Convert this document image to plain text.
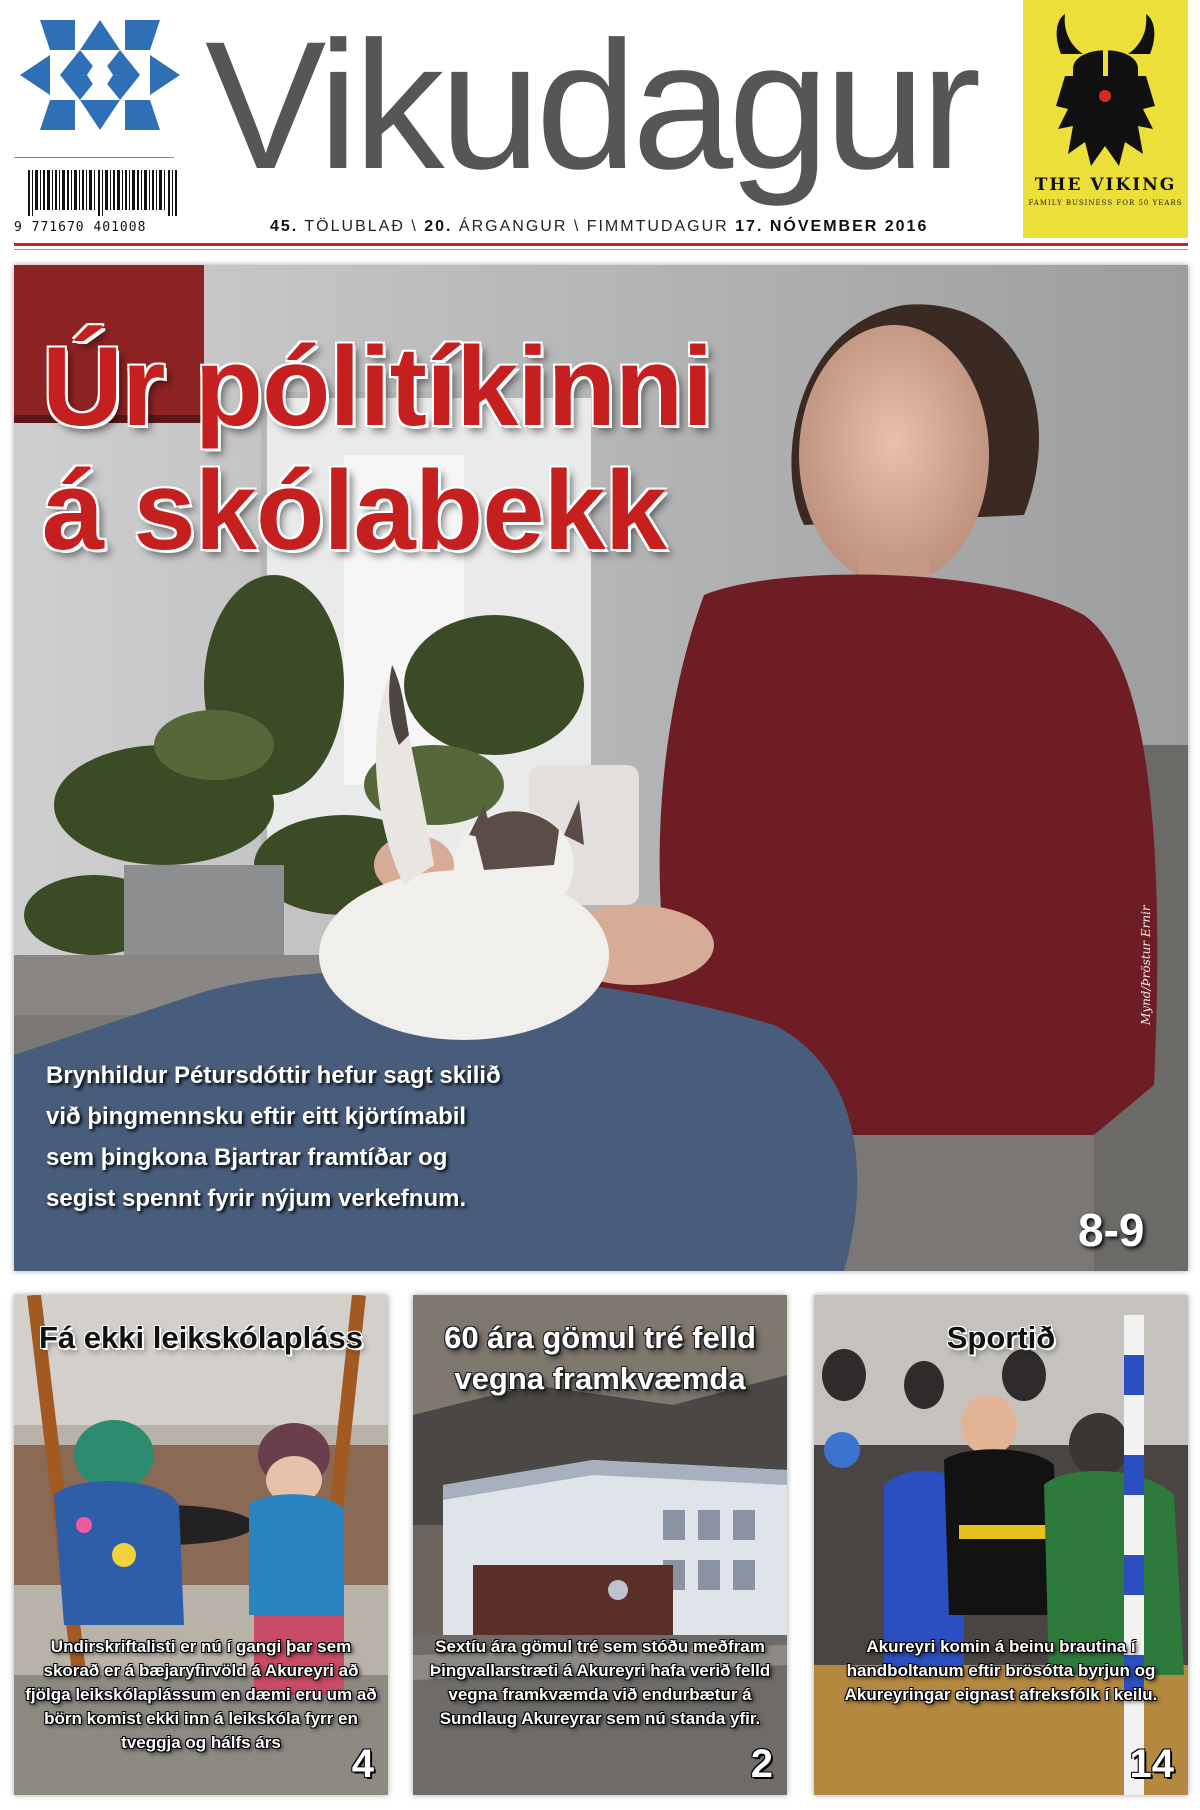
9 771670 401008
Vikudagur
45. TÖLUBLAÐ \ 20. ÁRGANGUR \ FIMMTUDAGUR 17. NÓVEMBER 2016
THE VIKING
FAMILY BUSINESS FOR 50 YEARS
Úr pólitíkinni
á skólabekk
Brynhildur Pétursdóttir hefur sagt skilið við þingmennsku eftir eitt kjörtímabil sem þingkona Bjartrar framtíðar og segist spennt fyrir nýjum verkefnum.
Mynd/Þröstur Ernir
8-9
Fá ekki leikskólapláss
Undirskriftalisti er nú í gangi þar sem skorað er á bæjaryfirvöld á Akureyri að fjölga leikskólaplássum en dæmi eru um að börn komist ekki inn á leikskóla fyrr en tveggja og hálfs árs	4
60 ára gömul tré felld vegna framkvæmda
Sextíu ára gömul tré sem stóðu meðfram Þingvallarstræti á Akureyri hafa verið felld vegna framkvæmda við endurbætur á Sundlaug Akureyrar sem nú standa yfir.
2
Sportið
Akureyri komin á beinu brautina í handboltanum eftir brösótta byrjun og Akureyringar eignast afreksfólk í keilu.
14
